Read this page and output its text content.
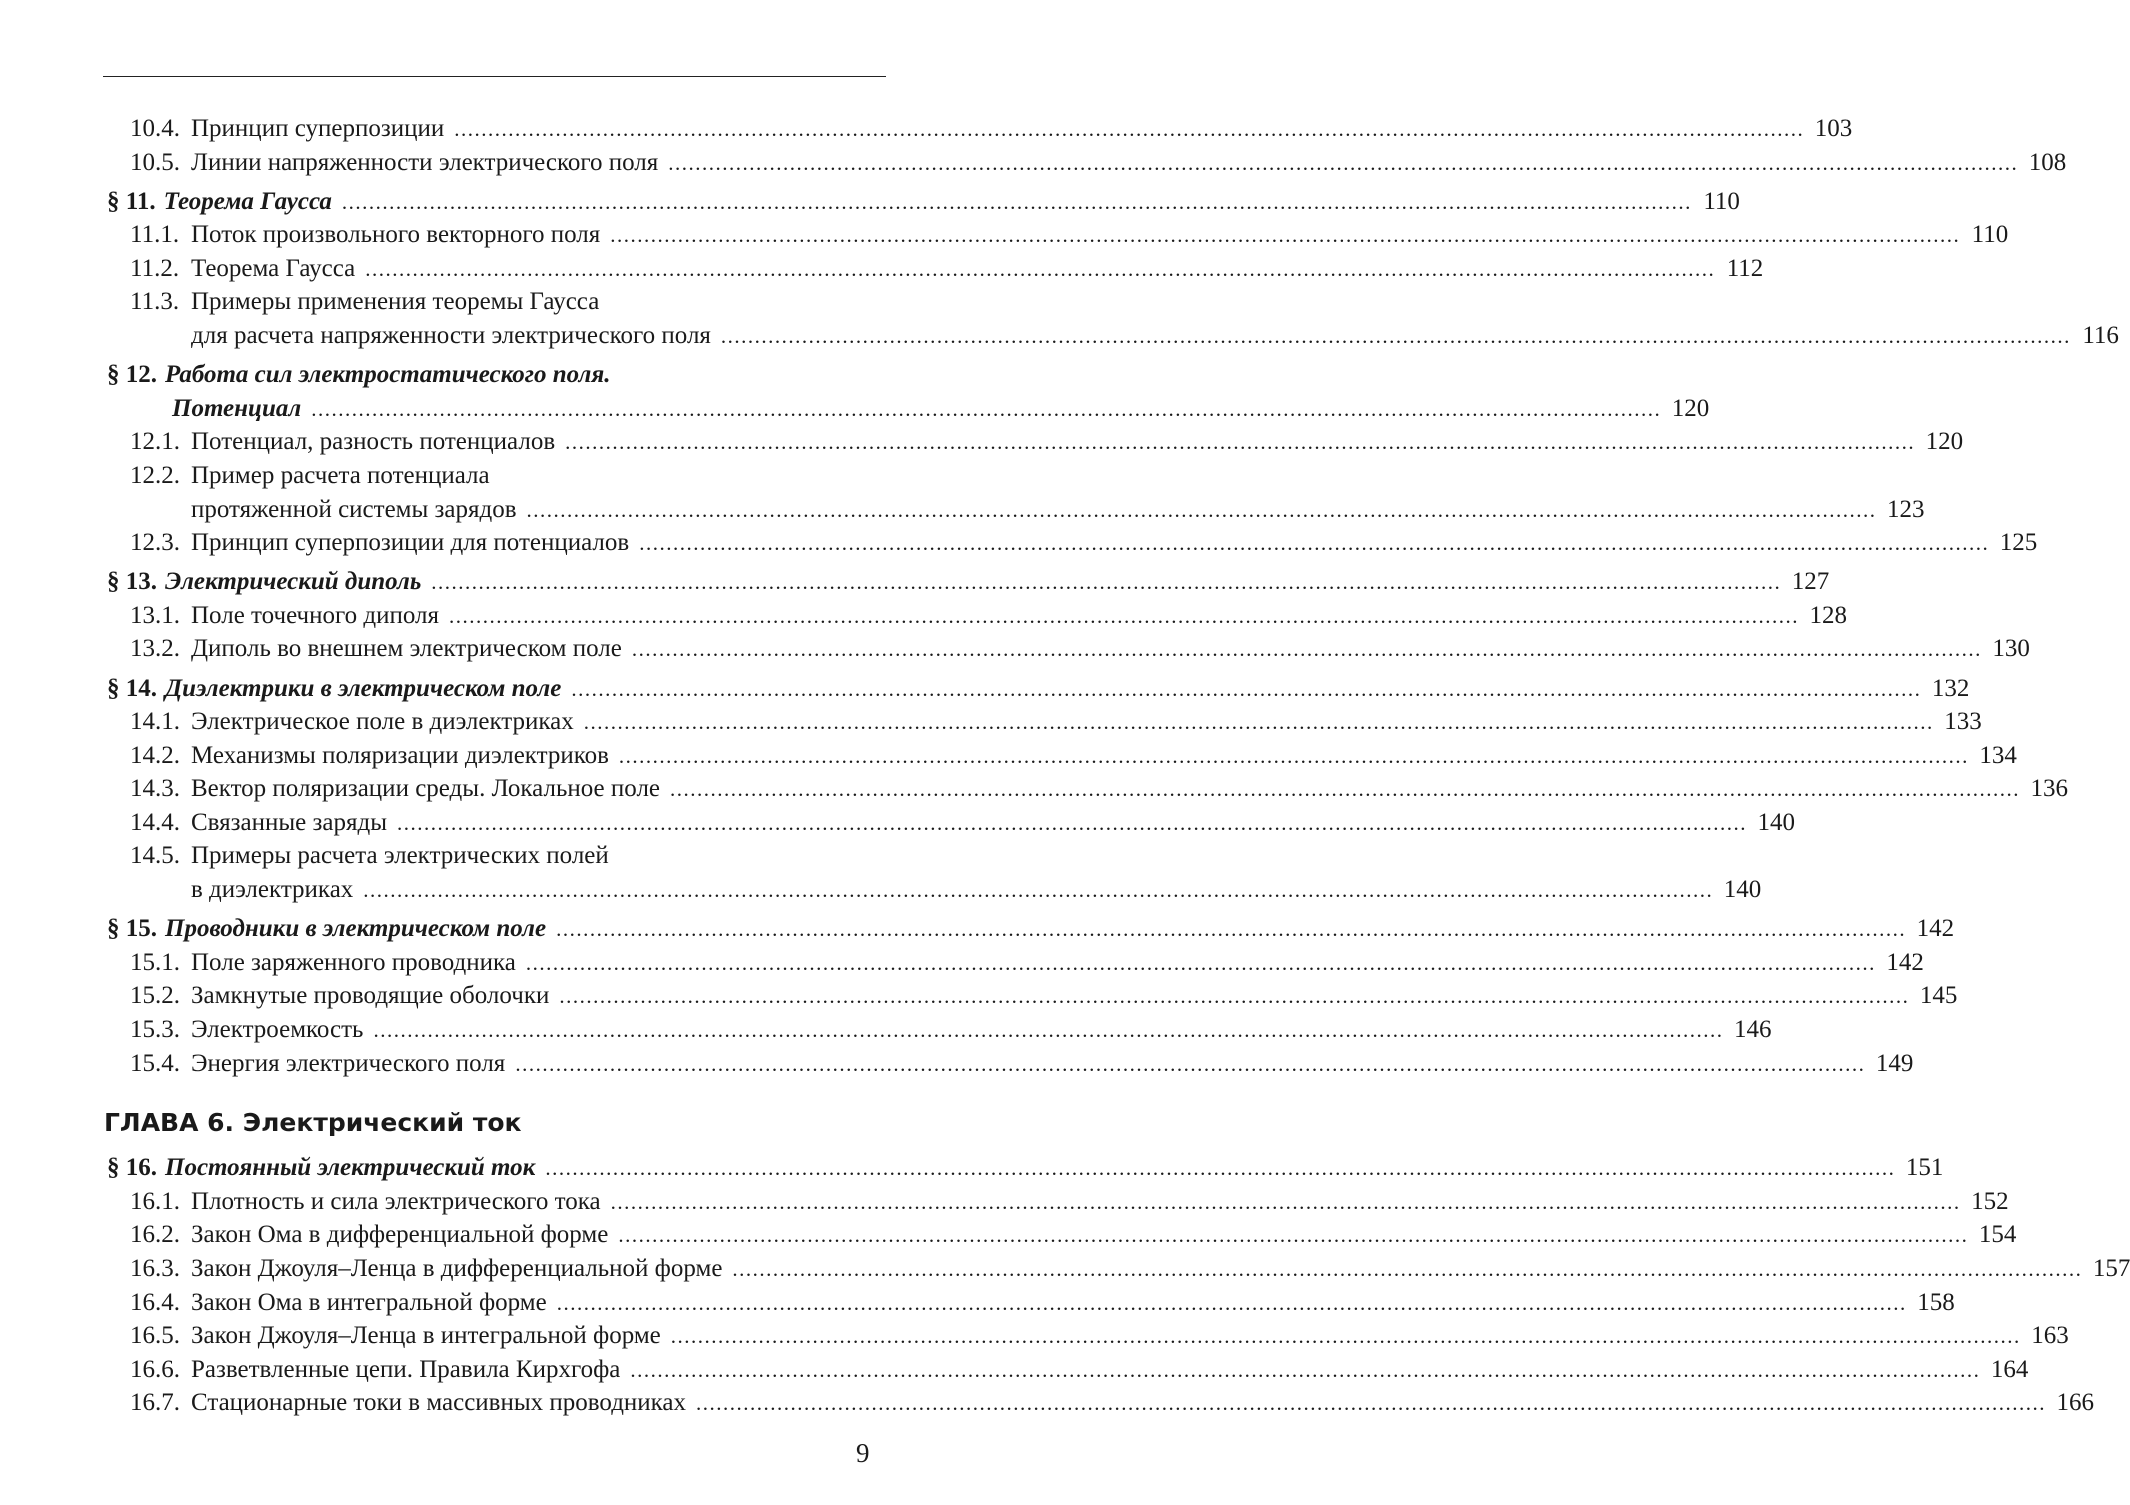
10.4. Принцип суперпозиции ........................................................................................................................................................................................................ 103
10.5. Линии напряженности электрического поля ........................................................................................................................................................................................................ 108
§ 11. Теорема Гаусса ........................................................................................................................................................................................................ 110
11.1. Поток произвольного векторного поля ........................................................................................................................................................................................................ 110
11.2. Теорема Гаусса ........................................................................................................................................................................................................ 112
11.3. Примеры применения теоремы Гаусса
для расчета напряженности электрического поля ........................................................................................................................................................................................................ 116
§ 12. Работа сил электростатического поля.
Потенциал ........................................................................................................................................................................................................ 120
12.1. Потенциал, разность потенциалов ........................................................................................................................................................................................................ 120
12.2. Пример расчета потенциала
протяженной системы зарядов ........................................................................................................................................................................................................ 123
12.3. Принцип суперпозиции для потенциалов ........................................................................................................................................................................................................ 125
§ 13. Электрический диполь ........................................................................................................................................................................................................ 127
13.1. Поле точечного диполя ........................................................................................................................................................................................................ 128
13.2. Диполь во внешнем электрическом поле ........................................................................................................................................................................................................ 130
§ 14. Диэлектрики в электрическом поле ........................................................................................................................................................................................................ 132
14.1. Электрическое поле в диэлектриках ........................................................................................................................................................................................................ 133
14.2. Механизмы поляризации диэлектриков ........................................................................................................................................................................................................ 134
14.3. Вектор поляризации среды. Локальное поле ........................................................................................................................................................................................................ 136
14.4. Связанные заряды ........................................................................................................................................................................................................ 140
14.5. Примеры расчета электрических полей
в диэлектриках ........................................................................................................................................................................................................ 140
§ 15. Проводники в электрическом поле ........................................................................................................................................................................................................ 142
15.1. Поле заряженного проводника ........................................................................................................................................................................................................ 142
15.2. Замкнутые проводящие оболочки ........................................................................................................................................................................................................ 145
15.3. Электроемкость ........................................................................................................................................................................................................ 146
15.4. Энергия электрического поля ........................................................................................................................................................................................................ 149
ГЛАВА 6. Электрический ток
§ 16. Постоянный электрический ток ........................................................................................................................................................................................................ 151
16.1. Плотность и сила электрического тока ........................................................................................................................................................................................................ 152
16.2. Закон Ома в дифференциальной форме ........................................................................................................................................................................................................ 154
16.3. Закон Джоуля–Ленца в дифференциальной форме ........................................................................................................................................................................................................ 157
16.4. Закон Ома в интегральной форме ........................................................................................................................................................................................................ 158
16.5. Закон Джоуля–Ленца в интегральной форме ........................................................................................................................................................................................................ 163
16.6. Разветвленные цепи. Правила Кирхгофа ........................................................................................................................................................................................................ 164
16.7. Стационарные токи в массивных проводниках ........................................................................................................................................................................................................ 166
9
